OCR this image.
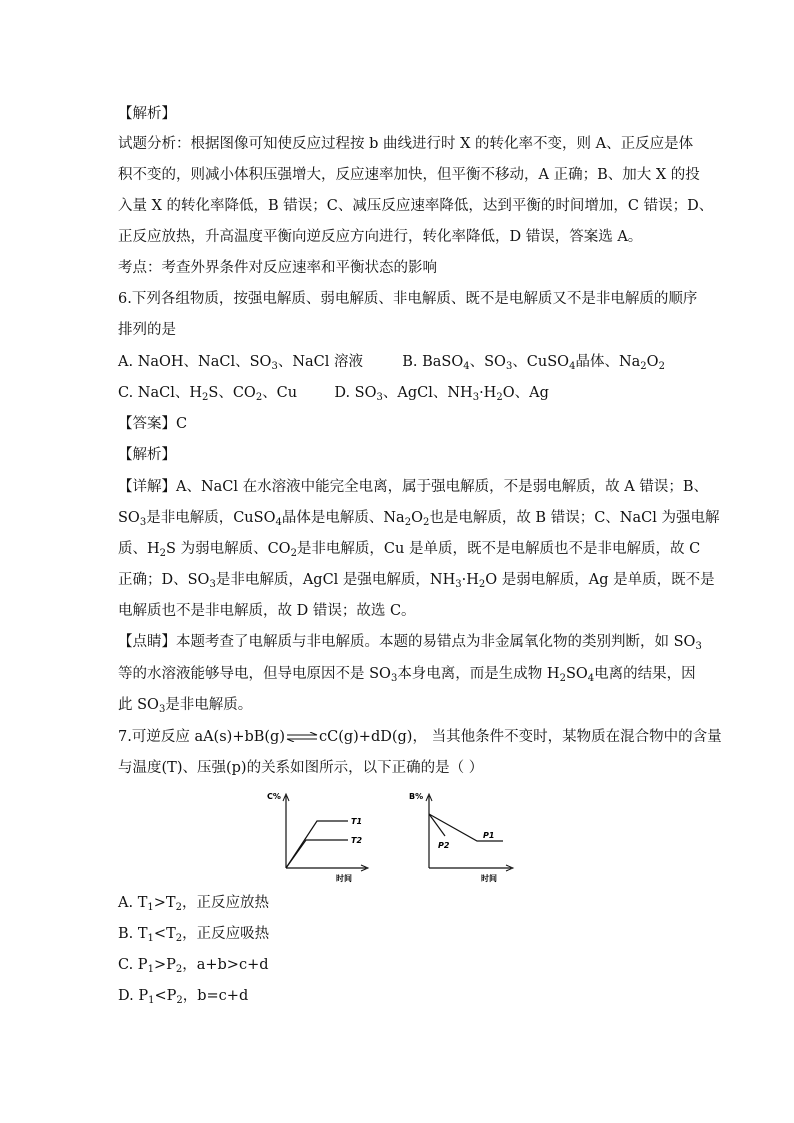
【解析】
试题分析：根据图像可知使反应过程按 b 曲线进行时 X 的转化率不变，则 A、正反应是体
积不变的，则减小体积压强增大，反应速率加快，但平衡不移动，A 正确；B、加大 X 的投
入量 X 的转化率降低，B 错误；C、减压反应速率降低，达到平衡的时间增加，C 错误；D、
正反应放热，升高温度平衡向逆反应方向进行，转化率降低，D 错误，答案选 A。
考点：考查外界条件对反应速率和平衡状态的影响
6.下列各组物质，按强电解质、弱电解质、非电解质、既不是电解质又不是非电解质的顺序
排列的是
A. NaOH、NaCl、$SO_3$、NaCl 溶液	B. BaSO$_4$、$SO_3$、CuSO$_4$晶体、$Na_2O_2$
C. NaCl、$H_2S$、$CO_2$、Cu	D. $SO_3$、AgCl、$NH_3\cdot H_2O$、Ag
【答案】C
【解析】
【详解】A、NaCl 在水溶液中能完全电离，属于强电解质，不是弱电解质，故 A 错误；B、
$SO_3$是非电解质，CuSO$_4$晶体是电解质、$Na_2O_2$也是电解质，故 B 错误；C、NaCl 为强电解
质、$H_2S$ 为弱电解质、$CO_2$是非电解质，Cu 是单质，既不是电解质也不是非电解质，故 C
正确；D、$SO_3$是非电解质，AgCl 是强电解质，$NH_3\cdot H_2O$ 是弱电解质，Ag 是单质，既不是
电解质也不是非电解质，故 D 错误；故选 C。
【点睛】本题考查了电解质与非电解质。本题的易错点为非金属氧化物的类别判断，如 $SO_3$
等的水溶液能够导电，但导电原因不是 $SO_3$本身电离，而是生成物 $H_2SO_4$电离的结果，因
此 $SO_3$是非电解质。
7.可逆反应 aA(s)+bB(g)⇌cC(g)+dD(g)， 当其他条件不变时，某物质在混合物中的含量
与温度(T)、压强(p)的关系如图所示，以下正确的是（ ）
C%
T1
T2
时间
B%
P1
P2
时间
A. $T_1>T_2$，正反应放热
B. $T_1<T_2$，正反应吸热
C. $P_1>P_2$，a+b>c+d
D. $P_1<P_2$，b=c+d
